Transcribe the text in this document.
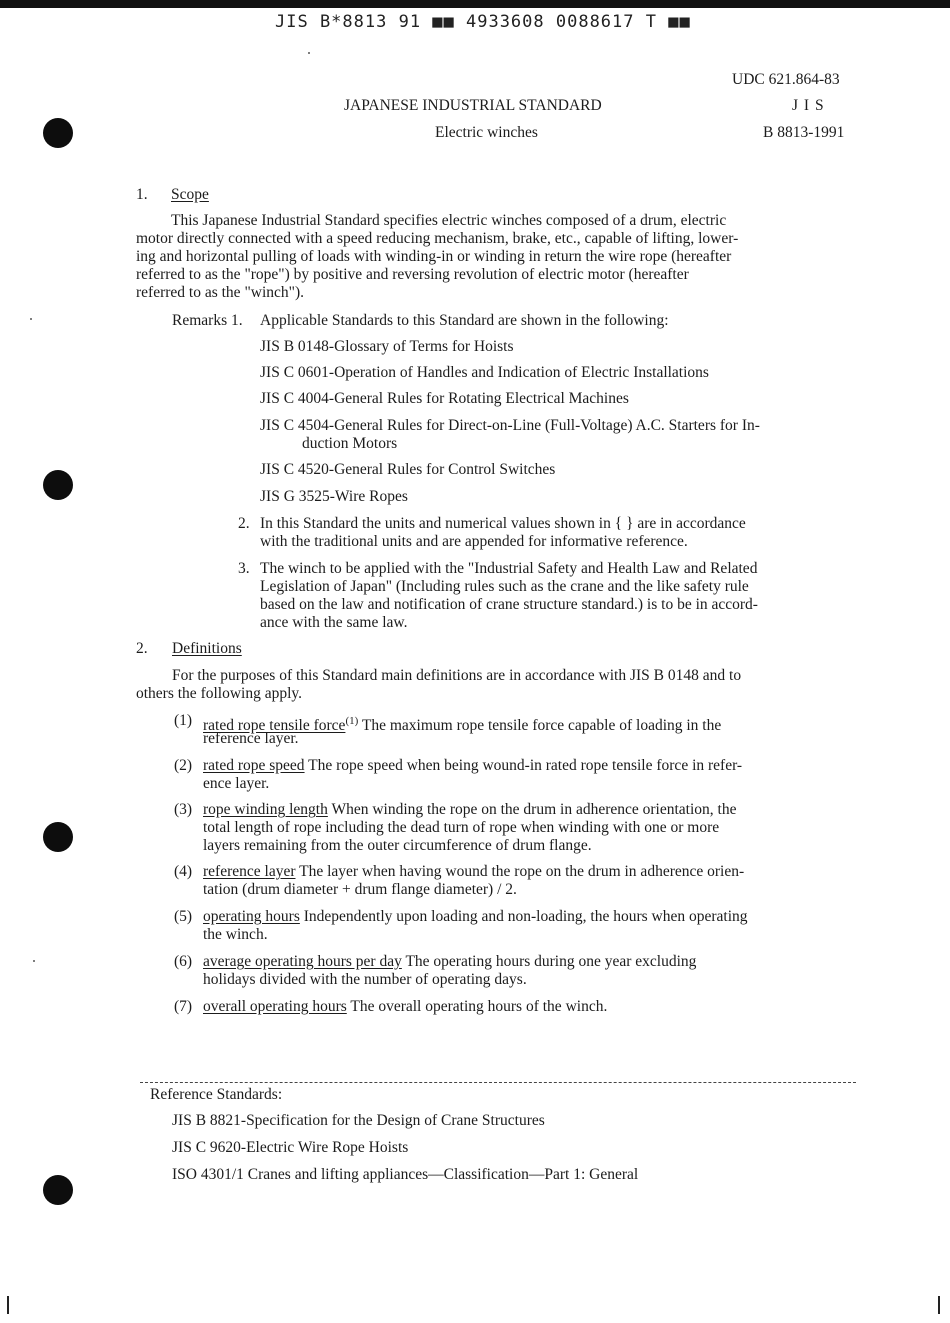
JIS B*8813 91 ■■ 4933608 0088617 T ■■
UDC 621.864-83
JAPANESE INDUSTRIAL STANDARD	J I S
Electric winches	B 8813-1991
1. Scope
This Japanese Industrial Standard specifies electric winches composed of a drum, electric
motor directly connected with a speed reducing mechanism, brake, etc., capable of lifting, lower-
ing and horizontal pulling of loads with winding-in or winding in return the wire rope (hereafter
referred to as the "rope") by positive and reversing revolution of electric motor (hereafter
referred to as the "winch").
Remarks 1. Applicable Standards to this Standard are shown in the following:
JIS B 0148-Glossary of Terms for Hoists
JIS C 0601-Operation of Handles and Indication of Electric Installations
JIS C 4004-General Rules for Rotating Electrical Machines
JIS C 4504-General Rules for Direct-on-Line (Full-Voltage) A.C. Starters for In-
duction Motors
JIS C 4520-General Rules for Control Switches
JIS G 3525-Wire Ropes
2. In this Standard the units and numerical values shown in { } are in accordance
with the traditional units and are appended for informative reference.
3. The winch to be applied with the "Industrial Safety and Health Law and Related
Legislation of Japan" (Including rules such as the crane and the like safety rule
based on the law and notification of crane structure standard.) is to be in accord-
ance with the same law.
2. Definitions
For the purposes of this Standard main definitions are in accordance with JIS B 0148 and to
others the following apply.
(1) rated rope tensile force$^{(1)}$ The maximum rope tensile force capable of loading in the
reference layer.
(2) rated rope speed The rope speed when being wound-in rated rope tensile force in refer-
ence layer.
(3) rope winding length When winding the rope on the drum in adherence orientation, the
total length of rope including the dead turn of rope when winding with one or more
layers remaining from the outer circumference of drum flange.
(4) reference layer The layer when having wound the rope on the drum in adherence orien-
tation (drum diameter + drum flange diameter) / 2.
(5) operating hours Independently upon loading and non-loading, the hours when operating
the winch.
(6) average operating hours per day The operating hours during one year excluding
holidays divided with the number of operating days.
(7) overall operating hours The overall operating hours of the winch.
Reference Standards:
JIS B 8821-Specification for the Design of Crane Structures
JIS C 9620-Electric Wire Rope Hoists
ISO 4301/1 Cranes and lifting appliances—Classification—Part 1: General
